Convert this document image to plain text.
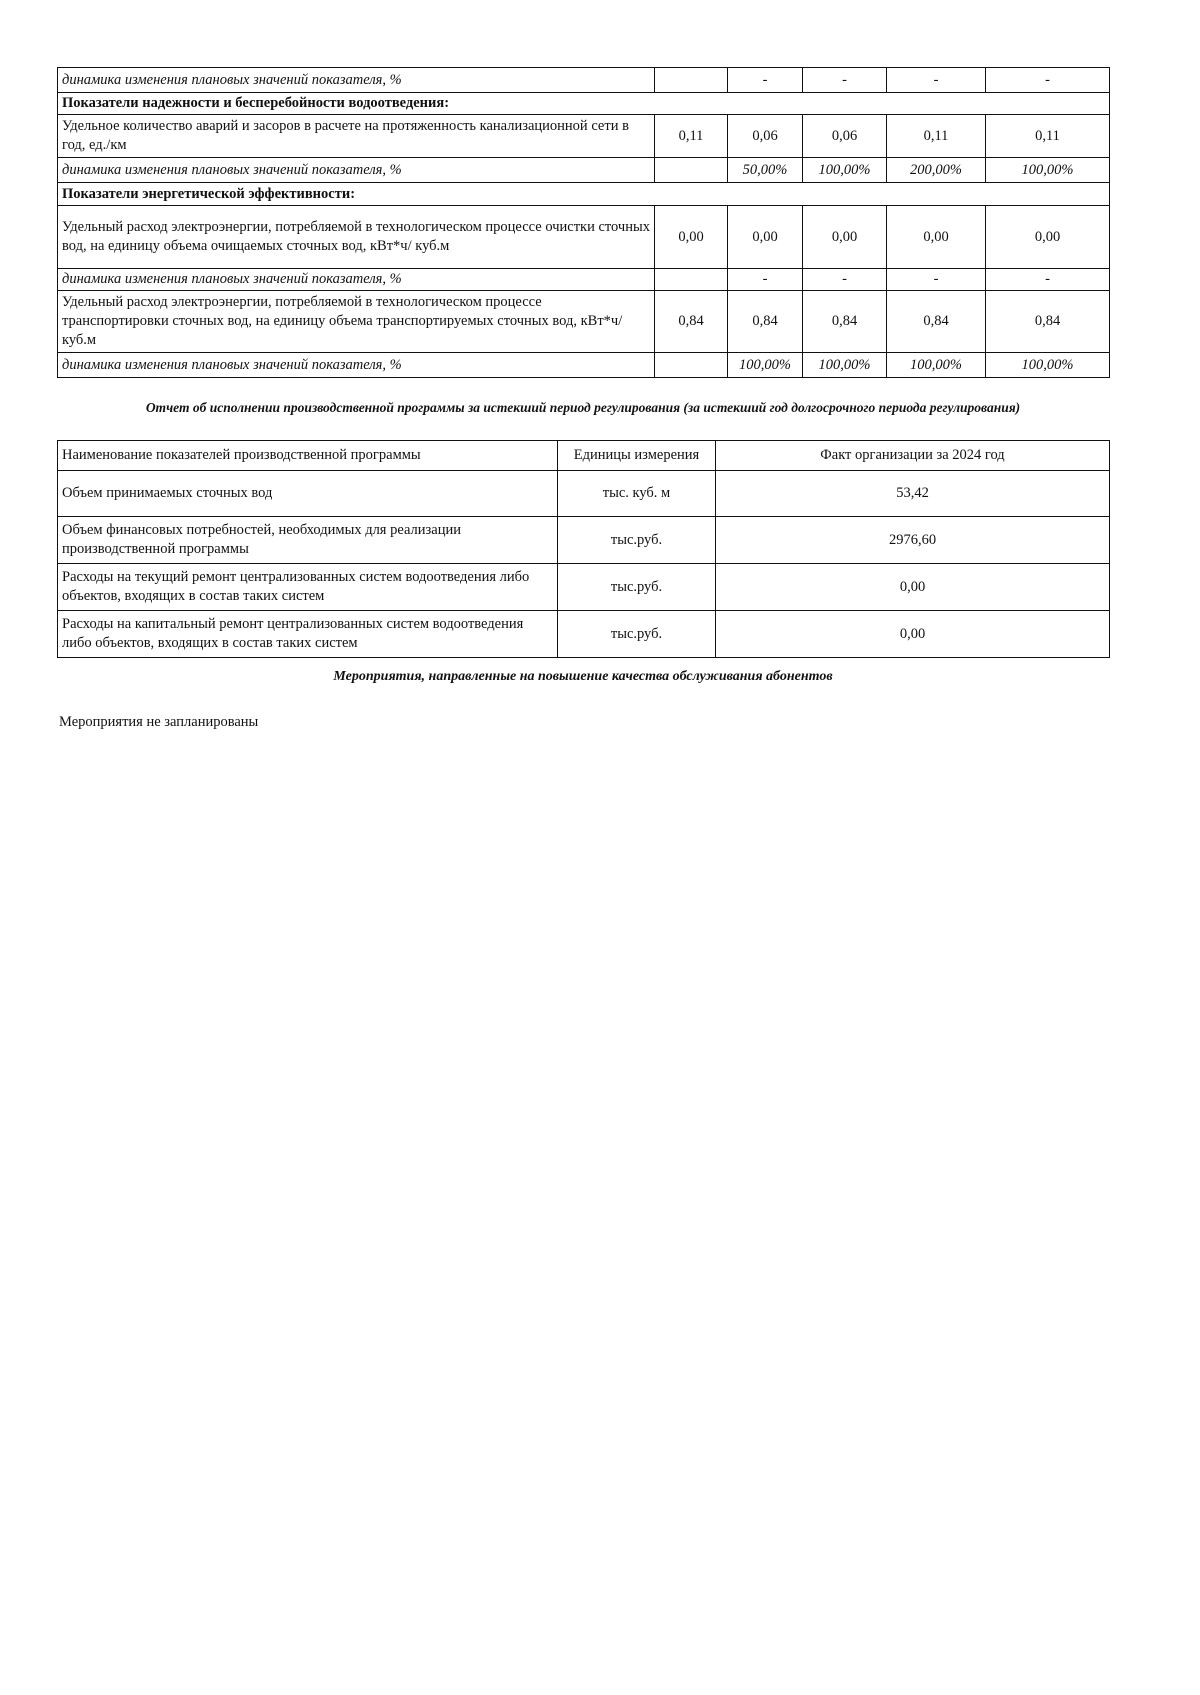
динамика изменения плановых значений показателя, %		-	-	-	-
Показатели надежности и бесперебойности водоотведения:					
Удельное количество аварий и засоров в расчете на протяженность канализационной сети в год, ед./км	0,11	0,06	0,06	0,11	0,11
динамика изменения плановых значений показателя, %		50,00%	100,00%	200,00%	100,00%
Показатели энергетической эффективности:					
Удельный расход электроэнергии, потребляемой в технологическом процессе очистки сточных вод, на единицу объема очищаемых сточных вод, кВт*ч/ куб.м	0,00	0,00	0,00	0,00	0,00
динамика изменения плановых значений показателя, %		-	-	-	-
Удельный расход электроэнергии, потребляемой в технологическом процессе транспортировки сточных вод, на единицу объема транспортируемых сточных вод, кВт*ч/ куб.м	0,84	0,84	0,84	0,84	0,84
динамика изменения плановых значений показателя, %		100,00%	100,00%	100,00%	100,00%
Отчет об исполнении производственной программы за истекший период регулирования (за истекший год долгосрочного периода регулирования)
Наименование показателей производственной программы	Единицы измерения	Факт организации за 2024 год
Объем принимаемых сточных вод	тыс. куб. м	53,42
Объем финансовых потребностей, необходимых для реализации производственной программы	тыс.руб.	2976,60
Расходы на текущий ремонт централизованных систем водоотведения либо объектов, входящих в состав таких систем	тыс.руб.	0,00
Расходы на капитальный ремонт централизованных систем водоотведения либо объектов, входящих в состав таких систем	тыс.руб.	0,00
Мероприятия, направленные на повышение качества обслуживания абонентов
Мероприятия не запланированы
